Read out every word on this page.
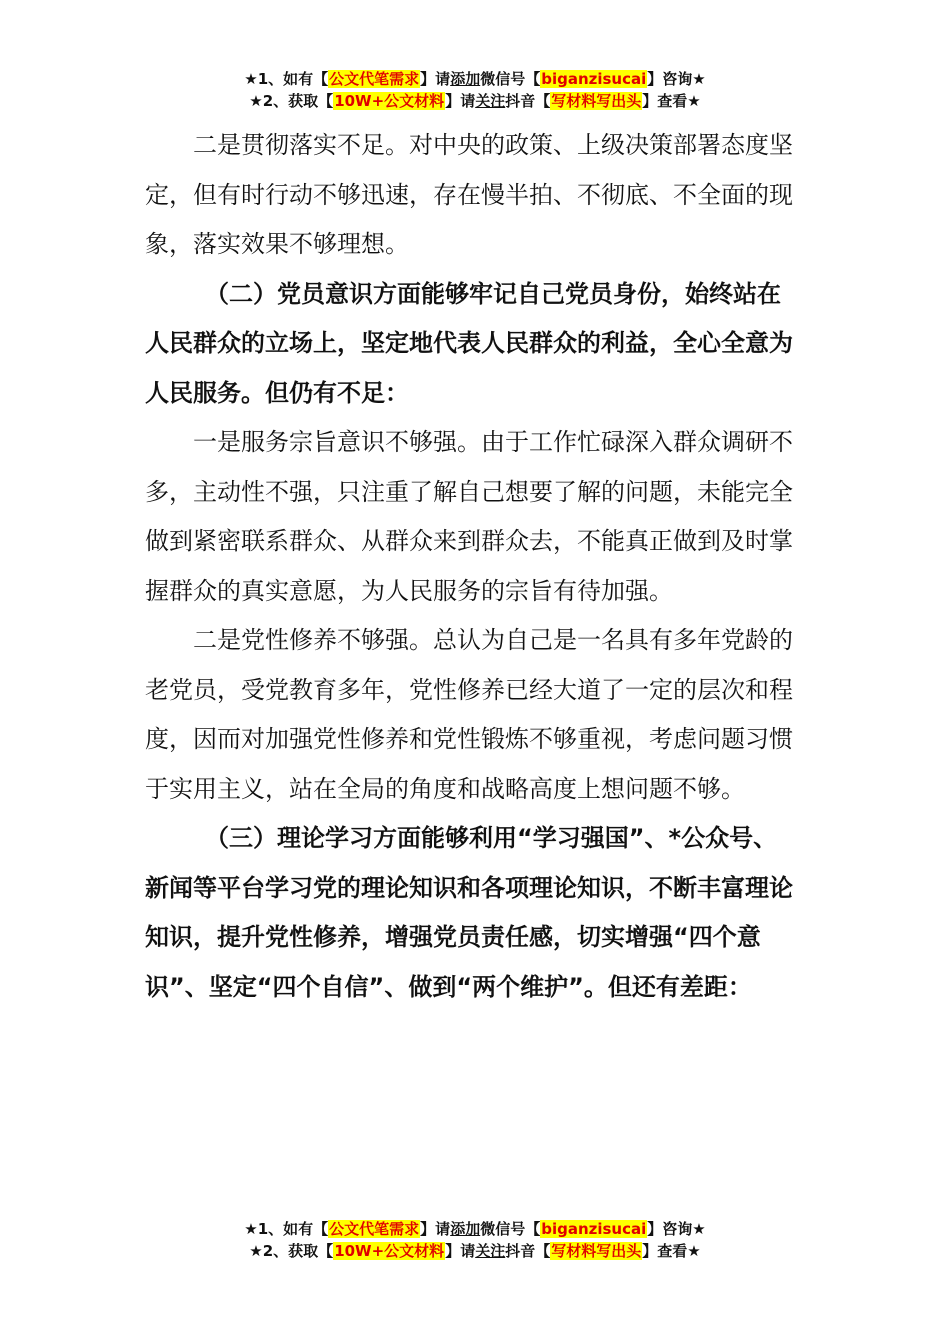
★1、如有【公文代笔需求】请添加微信号【biganzisucai】咨询★
★2、获取【10W+公文材料】请关注抖音【写材料写出头】查看★

二是贯彻落实不足。对中央的政策、上级决策部署态度坚定，但有时行动不够迅速，存在慢半拍、不彻底、不全面的现象，落实效果不够理想。

（二）党员意识方面能够牢记自己党员身份，始终站在人民群众的立场上，坚定地代表人民群众的利益，全心全意为人民服务。但仍有不足：

一是服务宗旨意识不够强。由于工作忙碌深入群众调研不多，主动性不强，只注重了解自己想要了解的问题，未能完全做到紧密联系群众、从群众来到群众去，不能真正做到及时掌握群众的真实意愿，为人民服务的宗旨有待加强。

二是党性修养不够强。总认为自己是一名具有多年党龄的老党员，受党教育多年，党性修养已经大道了一定的层次和程度，因而对加强党性修养和党性锻炼不够重视，考虑问题习惯于实用主义，站在全局的角度和战略高度上想问题不够。

（三）理论学习方面能够利用“学习强国”、*公众号、新闻等平台学习党的理论知识和各项理论知识，不断丰富理论知识，提升党性修养，增强党员责任感，切实增强“四个意识”、坚定“四个自信”、做到“两个维护”。但还有差距：

★1、如有【公文代笔需求】请添加微信号【biganzisucai】咨询★
★2、获取【10W+公文材料】请关注抖音【写材料写出头】查看★
